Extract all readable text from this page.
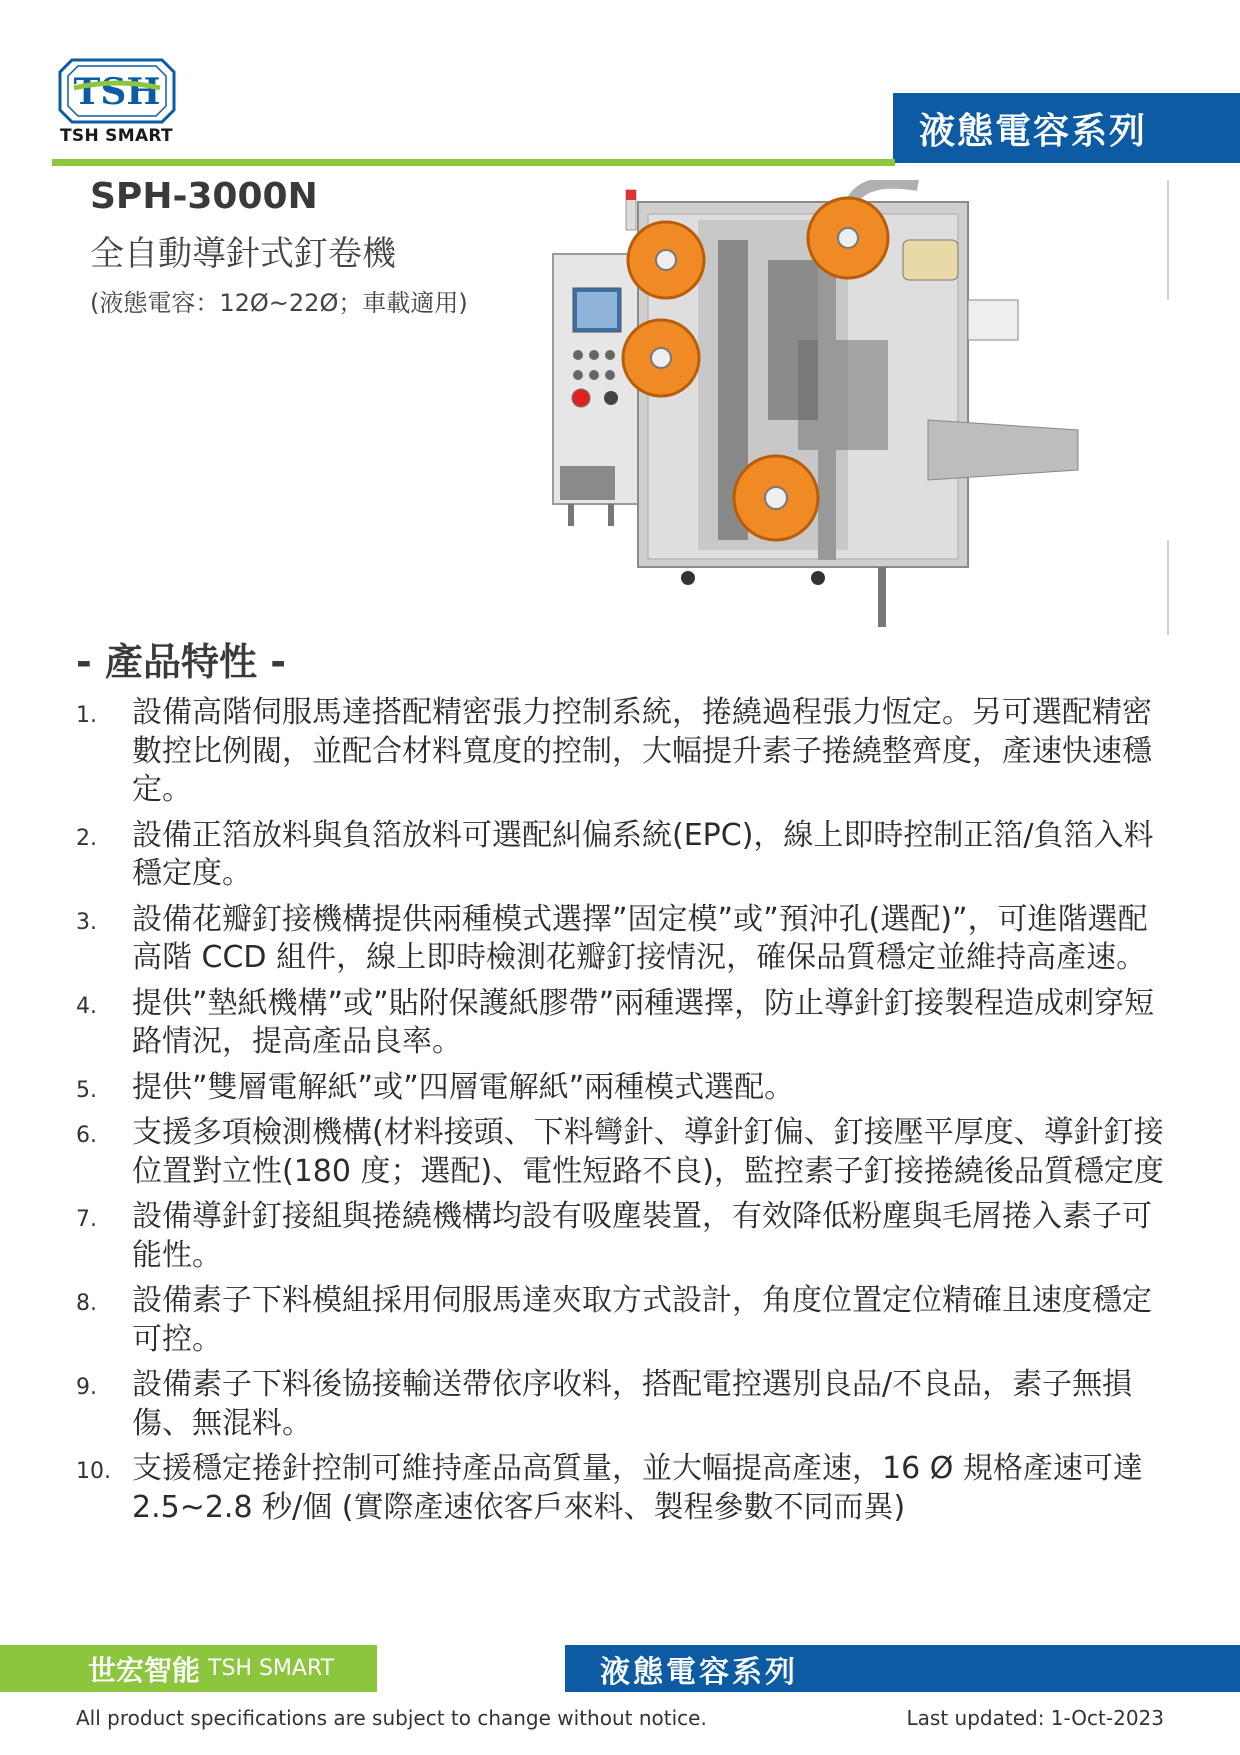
TSH
TSH SMART	液態電容系列
SPH-3000N
全自動導針式釘卷機
(液態電容：12Ø~22Ø；車載適用)
- 產品特性 -
1. 設備高階伺服馬達搭配精密張力控制系統，捲繞過程張力恆定。另可選配精密數控比例閥，並配合材料寬度的控制，大幅提升素子捲繞整齊度，產速快速穩定。
2. 設備正箔放料與負箔放料可選配糾偏系統(EPC)，線上即時控制正箔/負箔入料穩定度。
3. 設備花瓣釘接機構提供兩種模式選擇”固定模”或”預沖孔(選配)”，可進階選配高階 CCD 組件，線上即時檢測花瓣釘接情況，確保品質穩定並維持高產速。
4. 提供”墊紙機構”或”貼附保護紙膠帶”兩種選擇，防止導針釘接製程造成刺穿短路情況，提高產品良率。
5. 提供”雙層電解紙”或”四層電解紙”兩種模式選配。
6. 支援多項檢測機構(材料接頭、下料彎針、導針釘偏、釘接壓平厚度、導針釘接位置對立性(180 度；選配)、電性短路不良)，監控素子釘接捲繞後品質穩定度
7. 設備導針釘接組與捲繞機構均設有吸塵裝置，有效降低粉塵與毛屑捲入素子可能性。
8. 設備素子下料模組採用伺服馬達夾取方式設計，角度位置定位精確且速度穩定可控。
9. 設備素子下料後協接輸送帶依序收料，搭配電控選別良品/不良品，素子無損傷、無混料。
10. 支援穩定捲針控制可維持產品高質量，並大幅提高產速，16 Ø 規格產速可達 2.5~2.8 秒/個 (實際產速依客戶來料、製程參數不同而異)
世宏智能 TSH SMART	液態電容系列
All product specifications are subject to change without notice.	Last updated: 1-Oct-2023
